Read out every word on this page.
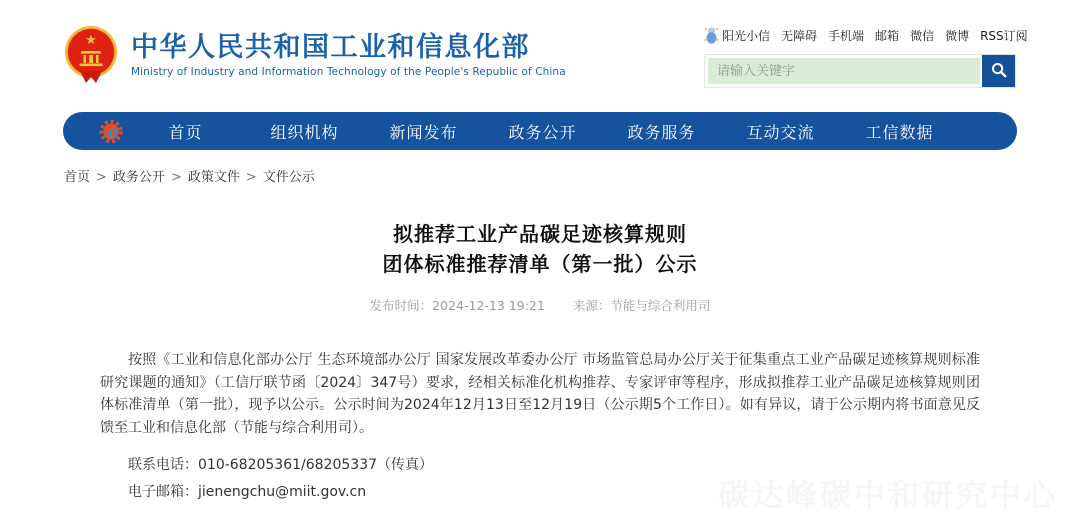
★ 中华人民共和国工业和信息化部
Ministry of Industry and Information Technology of the People's Republic of China
阳光小信 无障碍 手机端 邮箱 微信 微博 RSS订阅
请输入关键字
e	首页	组织机构	新闻发布	政务公开	政务服务	互动交流	工信数据
首页 > 政务公开 > 政策文件 > 文件公示
拟推荐工业产品碳足迹核算规则
团体标准推荐清单（第一批）公示
发布时间：2024-12-13 19:21 来源：节能与综合利用司

按照《工业和信息化部办公厅 生态环境部办公厅 国家发展改革委办公厅 市场监管总局办公厅关于征集重点工业产品碳足迹核算规则标准研究课题的通知》（工信厅联节函〔2024〕347号）要求，经相关标准化机构推荐、专家评审等程序，形成拟推荐工业产品碳足迹核算规则团体标准清单（第一批），现予以公示。公示时间为2024年12月13日至12月19日（公示期5个工作日）。如有异议，请于公示期内将书面意见反馈至工业和信息化部（节能与综合利用司）。

联系电话：010-68205361/68205337（传真）

电子邮箱：jienengchu@miit.gov.cn	碳达峰碳中和研究中心
